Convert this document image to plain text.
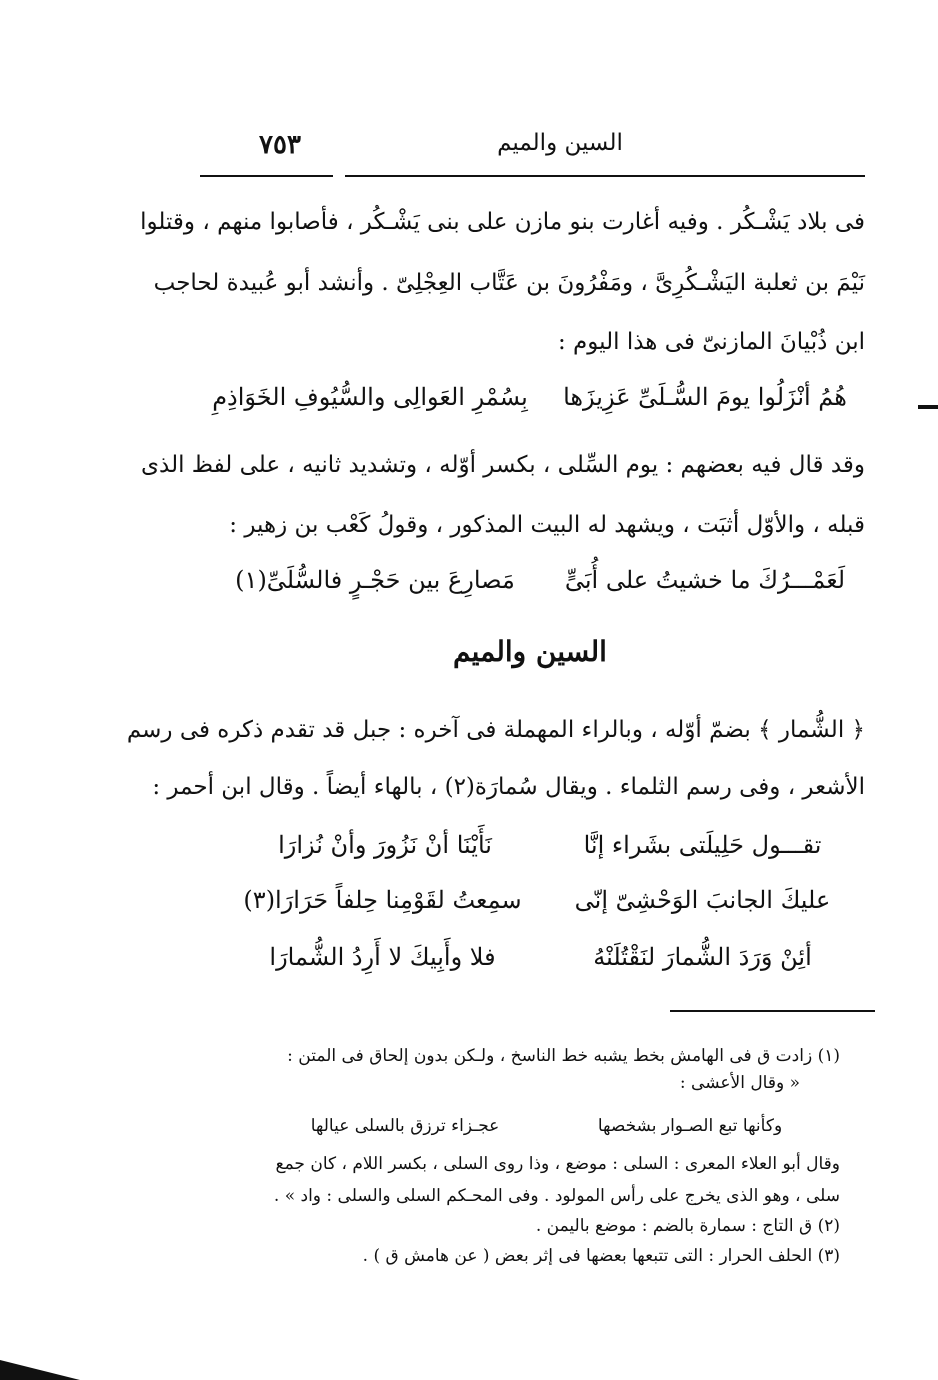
٧٥٣	السين والميم
فى بلاد يَشْـكُر . وفيه أغارت بنو مازن على بنى يَشْـكُر ، فأصابوا منهم ، وقتلوا
نَيْمَ بن ثعلبة اليَشْـكُرِىَّ ، ومَفْرُونَ بن عَتَّاب العِجْلِىّ . وأنشد أبو عُبيدة لحاجب
ابن ذُبْيانَ المازنىّ فى هذا اليوم :
هُمُ أنْزَلُوا يومَ السُّـلَىِّ عَزِيزَها
بِسُمْرِ العَوالِى والسُّيُوفِ الخَوَاذِمِ
وقد قال فيه بعضهم : يوم السِّلى ، بكسر أوّله ، وتشديد ثانيه ، على لفظ الذى
قبله ، والأوّل أثبَت ، ويشهد له البيت المذكور ، وقولُ كَعْب بن زهير :
لَعَمْـــرُكَ ما خشيتُ على أُبَىٍّ
مَصارِعَ بين حَجْـرٍ فالسُّلَىِّ(١)
السين والميم
﴿ الشُّمار ﴾ بضمّ أوّله ، وبالراء المهملة فى آخره : جبل قد تقدم ذكره فى رسم
الأشعر ، وفى رسم الثلماء . ويقال سُمارَة(٢) ، بالهاء أيضاً . وقال ابن أحمر :
تقـــول حَلِيلَتى بشَراء إنَّا
نَأَيْنَا أنْ نَزُورَ وأنْ نُزارَا
عليكَ الجانبَ الوَحْشِىّ إنّى
سمِعتُ لقَوْمِنا حِلفاً حَرَارَا(٣)
أئِنْ وَرَدَ الشُّمارَ لنَقْتُلَنْهُ
فلا وأَبِيكَ لا أَرِدُ الشُّمارَا
(١) زادت ق فى الهامش بخط يشبه خط الناسخ ، ولـكن بدون إلحاق فى المتن :
« وقال الأعشى :
وكأنها تبع الصـوار بشخصها
عجـزاء ترزق بالسلى عيالها
وقال أبو العلاء المعرى : السلى : موضع ، وذا روى السلى ، بكسر اللام ، كان جمع
سلى ، وهو الذى يخرج على رأس المولود . وفى المحـكم السلى والسلى : واد » .
(٢) ق التاج : سمارة بالضم : موضع باليمن .
(٣) الحلف الحرار : التى تتبعها بعضها فى إثر بعض ( عن هامش ق ) .
